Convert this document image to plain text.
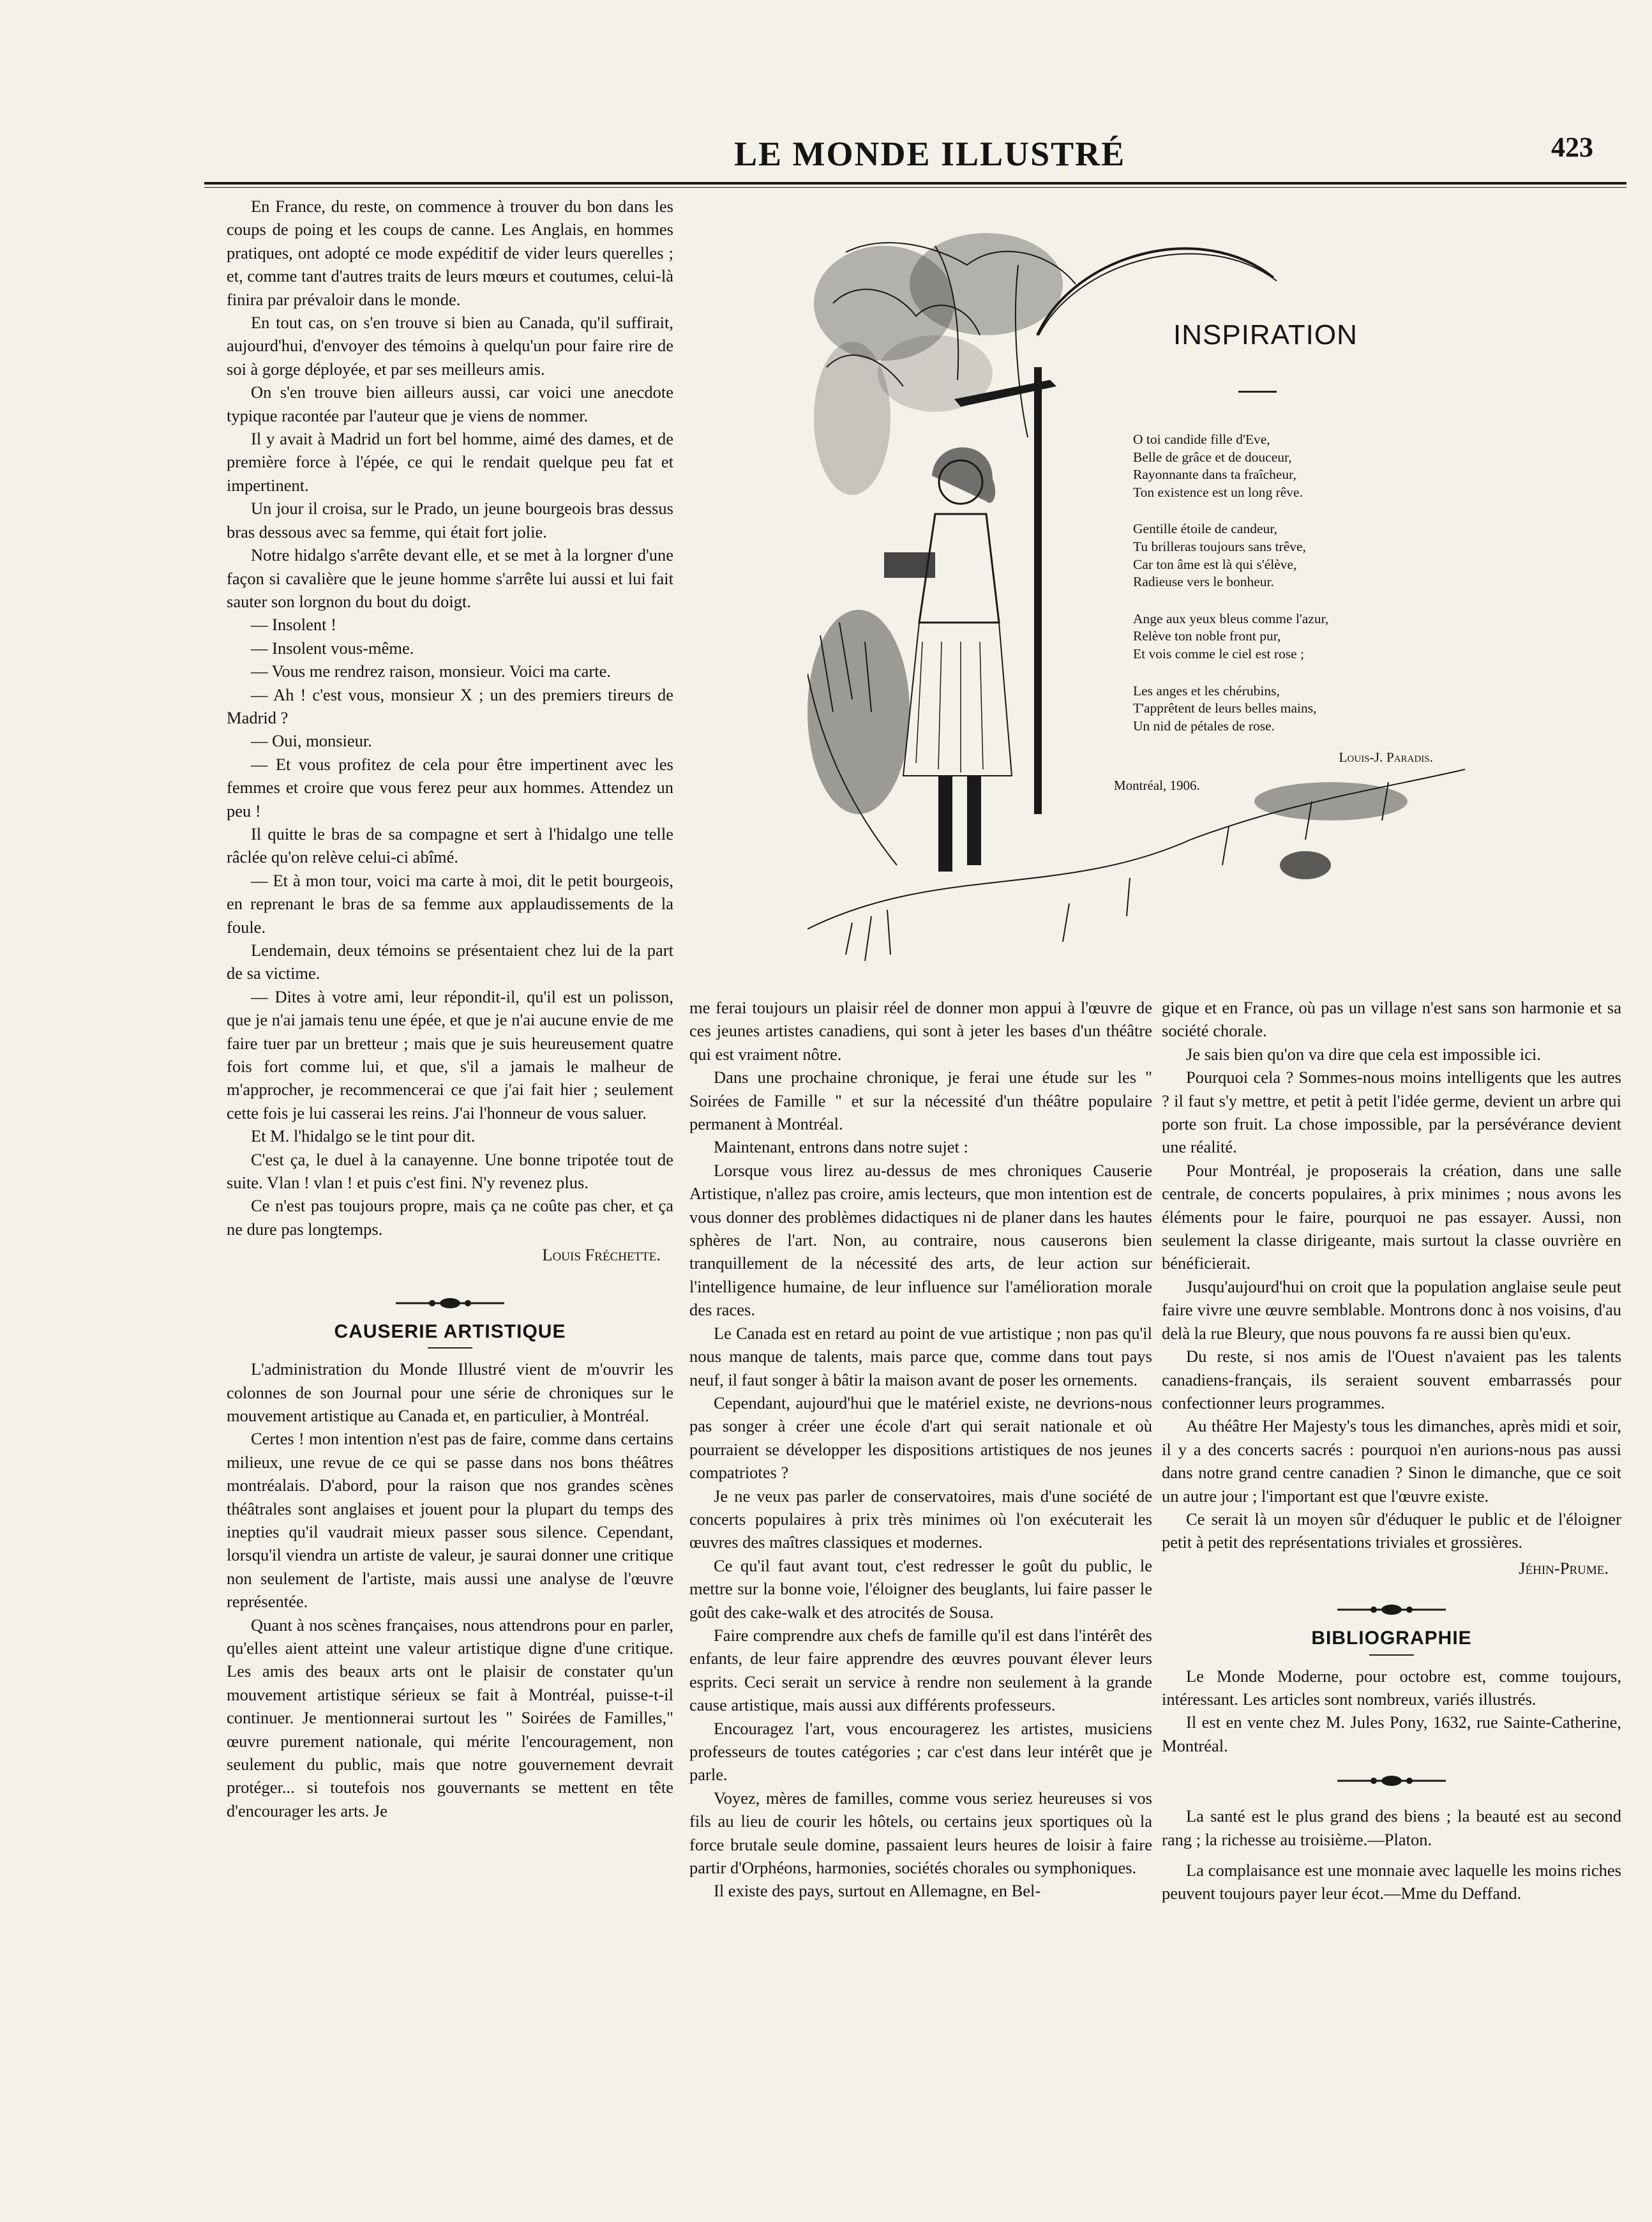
LE MONDE ILLUSTRÉ	423

En France, du reste, on commence à trouver du bon dans les coups de poing et les coups de canne. Les Anglais, en hommes pratiques, ont adopté ce mode expéditif de vider leurs querelles ; et, comme tant d'autres traits de leurs mœurs et coutumes, celui-là finira par prévaloir dans le monde.

En tout cas, on s'en trouve si bien au Canada, qu'il suffirait, aujourd'hui, d'envoyer des témoins à quelqu'un pour faire rire de soi à gorge déployée, et par ses meilleurs amis.

On s'en trouve bien ailleurs aussi, car voici une anecdote typique racontée par l'auteur que je viens de nommer.

Il y avait à Madrid un fort bel homme, aimé des dames, et de première force à l'épée, ce qui le rendait quelque peu fat et impertinent.

Un jour il croisa, sur le Prado, un jeune bourgeois bras dessus bras dessous avec sa femme, qui était fort jolie.

Notre hidalgo s'arrête devant elle, et se met à la lorgner d'une façon si cavalière que le jeune homme s'arrête lui aussi et lui fait sauter son lorgnon du bout du doigt.

— Insolent !

— Insolent vous-même.

— Vous me rendrez raison, monsieur. Voici ma carte.

— Ah ! c'est vous, monsieur X ; un des premiers tireurs de Madrid ?

— Oui, monsieur.

— Et vous profitez de cela pour être impertinent avec les femmes et croire que vous ferez peur aux hommes. Attendez un peu !

Il quitte le bras de sa compagne et sert à l'hidalgo une telle râclée qu'on relève celui-ci abîmé.

— Et à mon tour, voici ma carte à moi, dit le petit bourgeois, en reprenant le bras de sa femme aux applaudissements de la foule.

Lendemain, deux témoins se présentaient chez lui de la part de sa victime.

— Dites à votre ami, leur répondit-il, qu'il est un polisson, que je n'ai jamais tenu une épée, et que je n'ai aucune envie de me faire tuer par un bretteur ; mais que je suis heureusement quatre fois fort comme lui, et que, s'il a jamais le malheur de m'approcher, je recommencerai ce que j'ai fait hier ; seulement cette fois je lui casserai les reins. J'ai l'honneur de vous saluer.

Et M. l'hidalgo se le tint pour dit.

C'est ça, le duel à la canayenne. Une bonne tripotée tout de suite. Vlan ! vlan ! et puis c'est fini. N'y revenez plus.

Ce n'est pas toujours propre, mais ça ne coûte pas cher, et ça ne dure pas longtemps.

Louis Fréchette.

CAUSERIE ARTISTIQUE

L'administration du Monde Illustré vient de m'ouvrir les colonnes de son Journal pour une série de chroniques sur le mouvement artistique au Canada et, en particulier, à Montréal.

Certes ! mon intention n'est pas de faire, comme dans certains milieux, une revue de ce qui se passe dans nos bons théâtres montréalais. D'abord, pour la raison que nos grandes scènes théâtrales sont anglaises et jouent pour la plupart du temps des inepties qu'il vaudrait mieux passer sous silence. Cependant, lorsqu'il viendra un artiste de valeur, je saurai donner une critique non seulement de l'artiste, mais aussi une analyse de l'œuvre représentée.

Quant à nos scènes françaises, nous attendrons pour en parler, qu'elles aient atteint une valeur artistique digne d'une critique. Les amis des beaux arts ont le plaisir de constater qu'un mouvement artistique sérieux se fait à Montréal, puisse-t-il continuer. Je mentionnerai surtout les " Soirées de Familles," œuvre purement nationale, qui mérite l'encouragement, non seulement du public, mais que notre gouvernement devrait protéger... si toutefois nos gouvernants se mettent en tête d'encourager les arts. Je

INSPIRATION
O toi candide fille d'Eve,
Belle de grâce et de douceur,
Rayonnante dans ta fraîcheur,
Ton existence est un long rêve.
Gentille étoile de candeur,
Tu brilleras toujours sans trêve,
Car ton âme est là qui s'élève,
Radieuse vers le bonheur.
Ange aux yeux bleus comme l'azur,
Relève ton noble front pur,
Et vois comme le ciel est rose ;
Les anges et les chérubins,
T'apprêtent de leurs belles mains,
Un nid de pétales de rose.
Louis-J. Paradis.
Montréal, 1906.

me ferai toujours un plaisir réel de donner mon appui à l'œuvre de ces jeunes artistes canadiens, qui sont à jeter les bases d'un théâtre qui est vraiment nôtre.

Dans une prochaine chronique, je ferai une étude sur les " Soirées de Famille " et sur la nécessité d'un théâtre populaire permanent à Montréal.

Maintenant, entrons dans notre sujet :

Lorsque vous lirez au-dessus de mes chroniques Causerie Artistique, n'allez pas croire, amis lecteurs, que mon intention est de vous donner des problèmes didactiques ni de planer dans les hautes sphères de l'art. Non, au contraire, nous causerons bien tranquillement de la nécessité des arts, de leur action sur l'intelligence humaine, de leur influence sur l'amélioration morale des races.

Le Canada est en retard au point de vue artistique ; non pas qu'il nous manque de talents, mais parce que, comme dans tout pays neuf, il faut songer à bâtir la maison avant de poser les ornements.

Cependant, aujourd'hui que le matériel existe, ne devrions-nous pas songer à créer une école d'art qui serait nationale et où pourraient se développer les dispositions artistiques de nos jeunes compatriotes ?

Je ne veux pas parler de conservatoires, mais d'une société de concerts populaires à prix très minimes où l'on exécuterait les œuvres des maîtres classiques et modernes.

Ce qu'il faut avant tout, c'est redresser le goût du public, le mettre sur la bonne voie, l'éloigner des beuglants, lui faire passer le goût des cake-walk et des atrocités de Sousa.

Faire comprendre aux chefs de famille qu'il est dans l'intérêt des enfants, de leur faire apprendre des œuvres pouvant élever leurs esprits. Ceci serait un service à rendre non seulement à la grande cause artistique, mais aussi aux différents professeurs.

Encouragez l'art, vous encouragerez les artistes, musiciens professeurs de toutes catégories ; car c'est dans leur intérêt que je parle.

Voyez, mères de familles, comme vous seriez heureuses si vos fils au lieu de courir les hôtels, ou certains jeux sportiques où la force brutale seule domine, passaient leurs heures de loisir à faire partir d'Orphéons, harmonies, sociétés chorales ou symphoniques.

Il existe des pays, surtout en Allemagne, en Bel-

gique et en France, où pas un village n'est sans son harmonie et sa société chorale.

Je sais bien qu'on va dire que cela est impossible ici.

Pourquoi cela ? Sommes-nous moins intelligents que les autres ? il faut s'y mettre, et petit à petit l'idée germe, devient un arbre qui porte son fruit. La chose impossible, par la persévérance devient une réalité.

Pour Montréal, je proposerais la création, dans une salle centrale, de concerts populaires, à prix minimes ; nous avons les éléments pour le faire, pourquoi ne pas essayer. Aussi, non seulement la classe dirigeante, mais surtout la classe ouvrière en bénéficierait.

Jusqu'aujourd'hui on croit que la population anglaise seule peut faire vivre une œuvre semblable. Montrons donc à nos voisins, d'au delà la rue Bleury, que nous pouvons fa re aussi bien qu'eux.

Du reste, si nos amis de l'Ouest n'avaient pas les talents canadiens-français, ils seraient souvent embarrassés pour confectionner leurs programmes.

Au théâtre Her Majesty's tous les dimanches, après midi et soir, il y a des concerts sacrés : pourquoi n'en aurions-nous pas aussi dans notre grand centre canadien ? Sinon le dimanche, que ce soit un autre jour ; l'important est que l'œuvre existe.

Ce serait là un moyen sûr d'éduquer le public et de l'éloigner petit à petit des représentations triviales et grossières.

Jéhin-Prume.

BIBLIOGRAPHIE

Le Monde Moderne, pour octobre est, comme toujours, intéressant. Les articles sont nombreux, variés illustrés.

Il est en vente chez M. Jules Pony, 1632, rue Sainte-Catherine, Montréal.

La santé est le plus grand des biens ; la beauté est au second rang ; la richesse au troisième.—Platon.

La complaisance est une monnaie avec laquelle les moins riches peuvent toujours payer leur écot.—Mme du Deffand.
